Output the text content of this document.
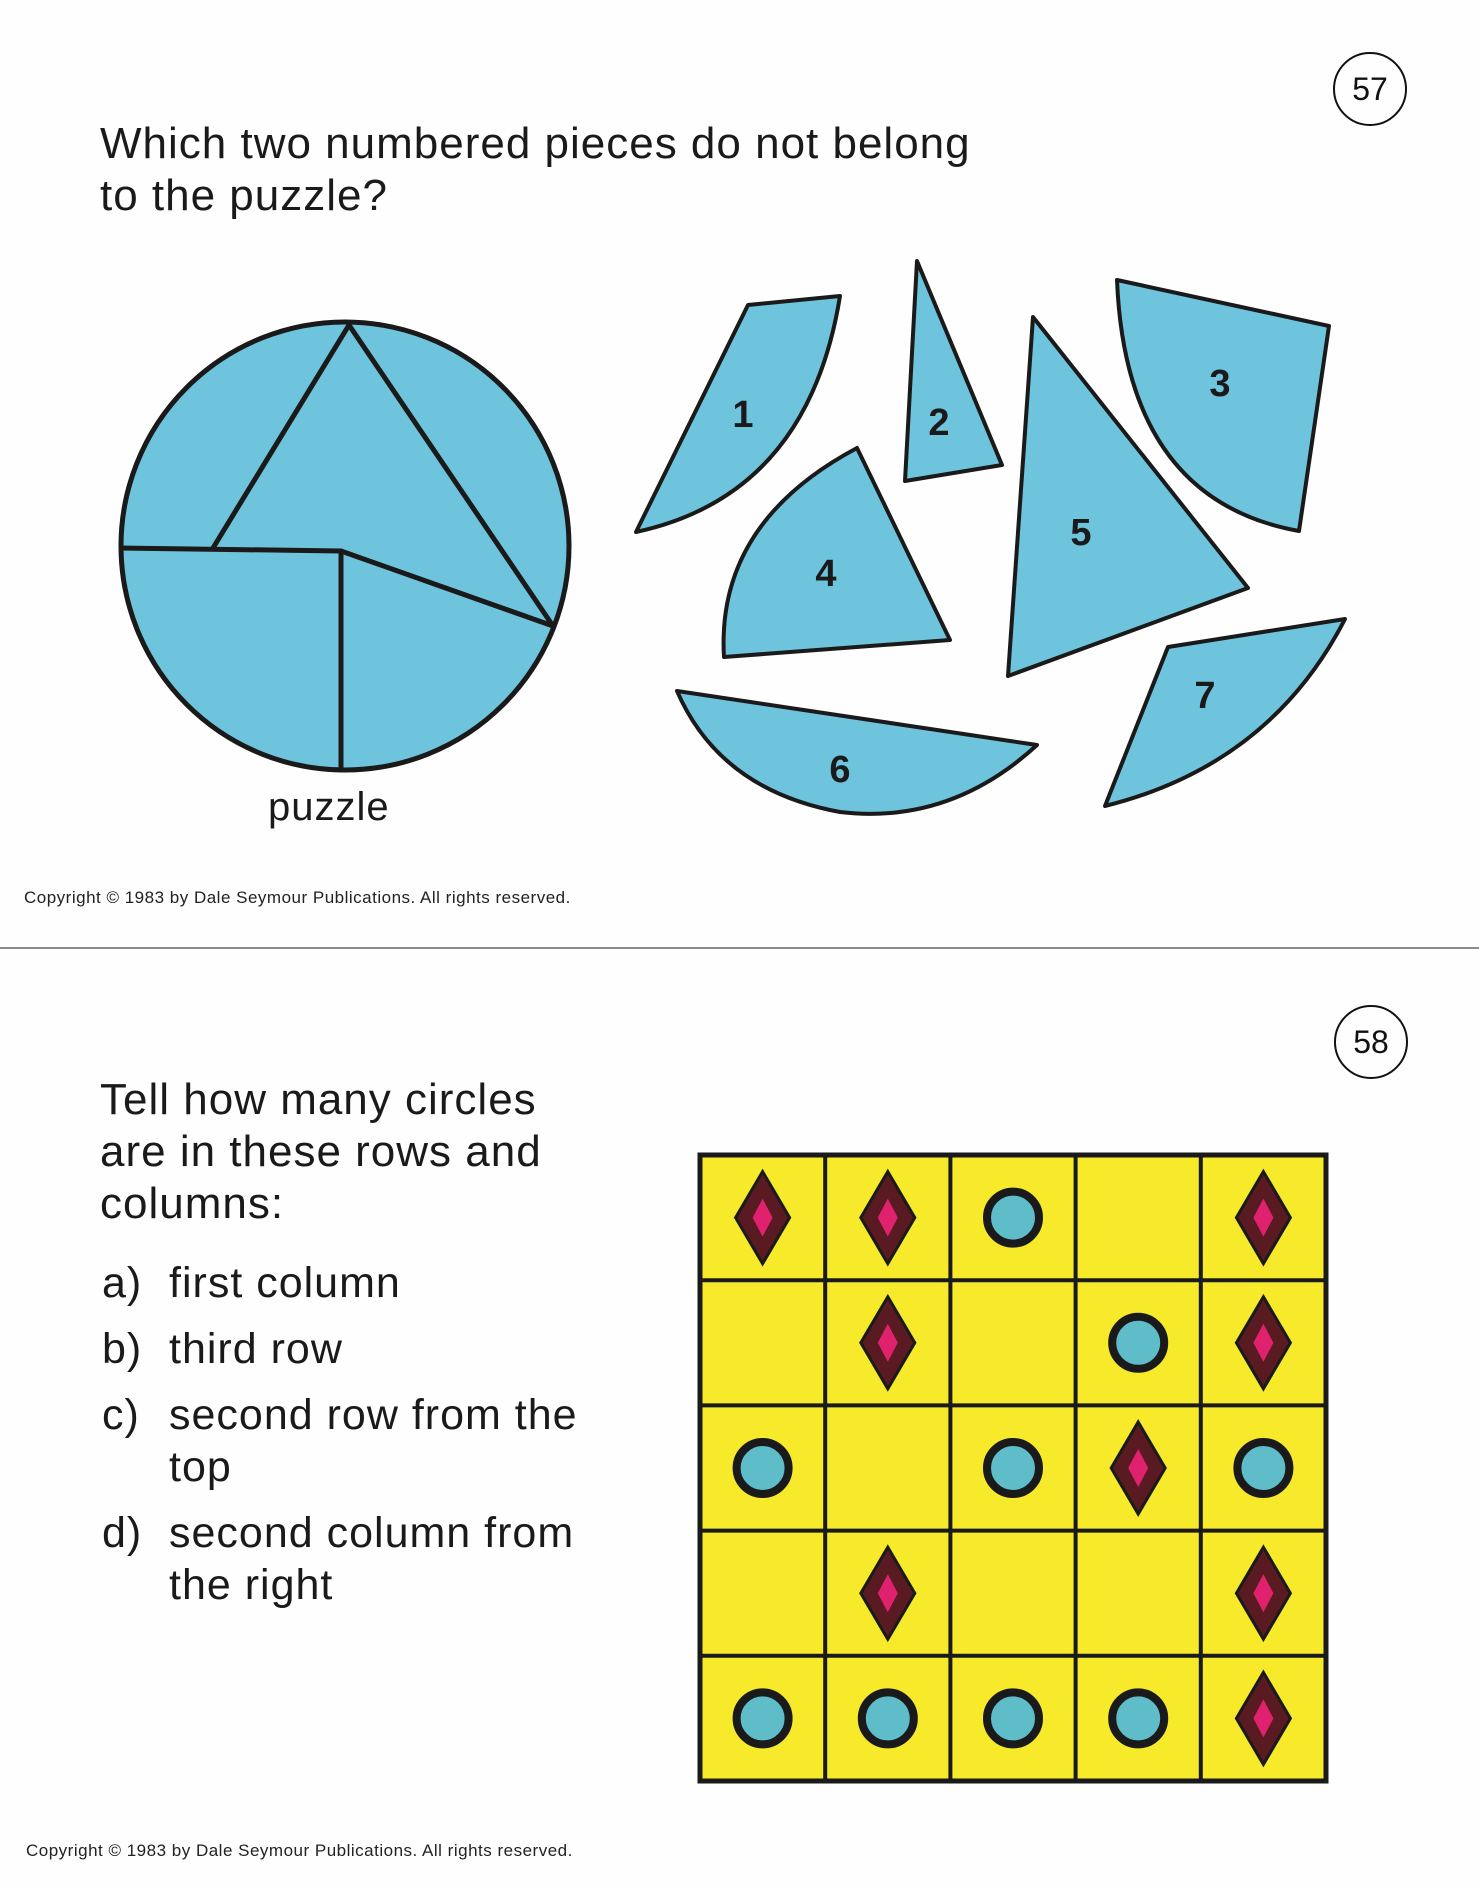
57
Which two numbered pieces do not belong
to the puzzle?
1	2
3
4
5
6
7
puzzle
Copyright © 1983 by Dale Seymour Publications. All rights reserved.
58
Tell how many circles
are in these rows and
columns:
a) first column
b) third row
c) second row from the top
d) second column from the right
Copyright © 1983 by Dale Seymour Publications. All rights reserved.
